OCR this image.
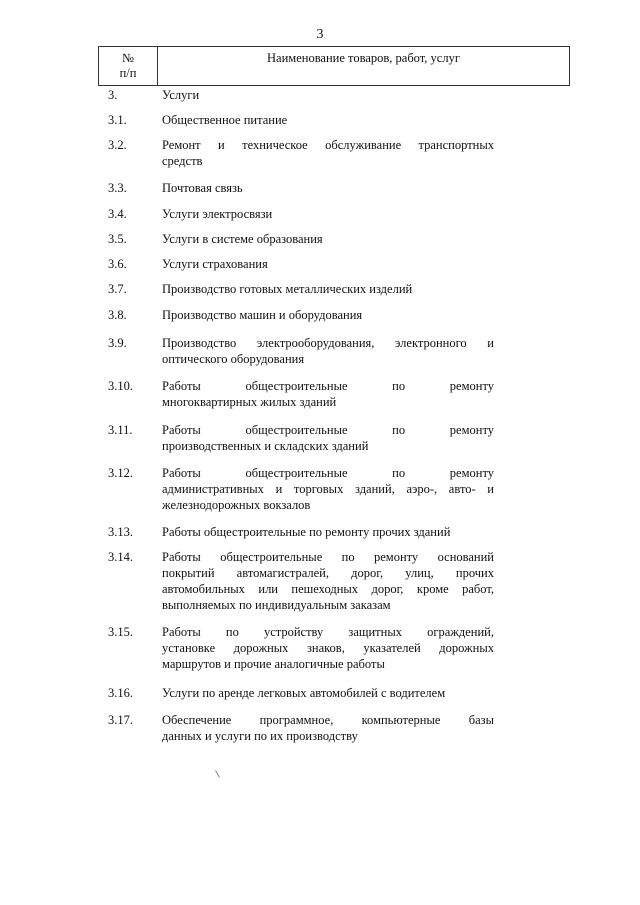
3
№
п/п
Наименование товаров, работ, услуг
3.	Услуги
3.1.	Общественное питание
3.2.	Ремонт и техническое обслуживание транспортных
средств
3.3.	Почтовая связь
3.4.	Услуги электросвязи
3.5.	Услуги в системе образования
3.6.	Услуги страхования
3.7.	Производство готовых металлических изделий
3.8.	Производство машин и оборудования
3.9.	Производство электрооборудования, электронного и
оптического оборудования
3.10. Работы общестроительные по ремонту
многоквартирных жилых зданий
3.11. Работы общестроительные по ремонту
производственных и складских зданий
3.12. Работы общестроительные по ремонту
административных и торговых зданий, аэро-, авто- и
железнодорожных вокзалов
3.13. Работы общестроительные по ремонту прочих зданий
3.14. Работы общестроительные по ремонту оснований
покрытий автомагистралей, дорог, улиц, прочих
автомобильных или пешеходных дорог, кроме работ,
выполняемых по индивидуальным заказам
3.15. Работы по устройству защитных ограждений,
установке дорожных знаков, указателей дорожных
маршрутов и прочие аналогичные работы
3.16. Услуги по аренде легковых автомобилей с водителем
3.17. Обеспечение программное, компьютерные базы
данных и услуги по их производству
